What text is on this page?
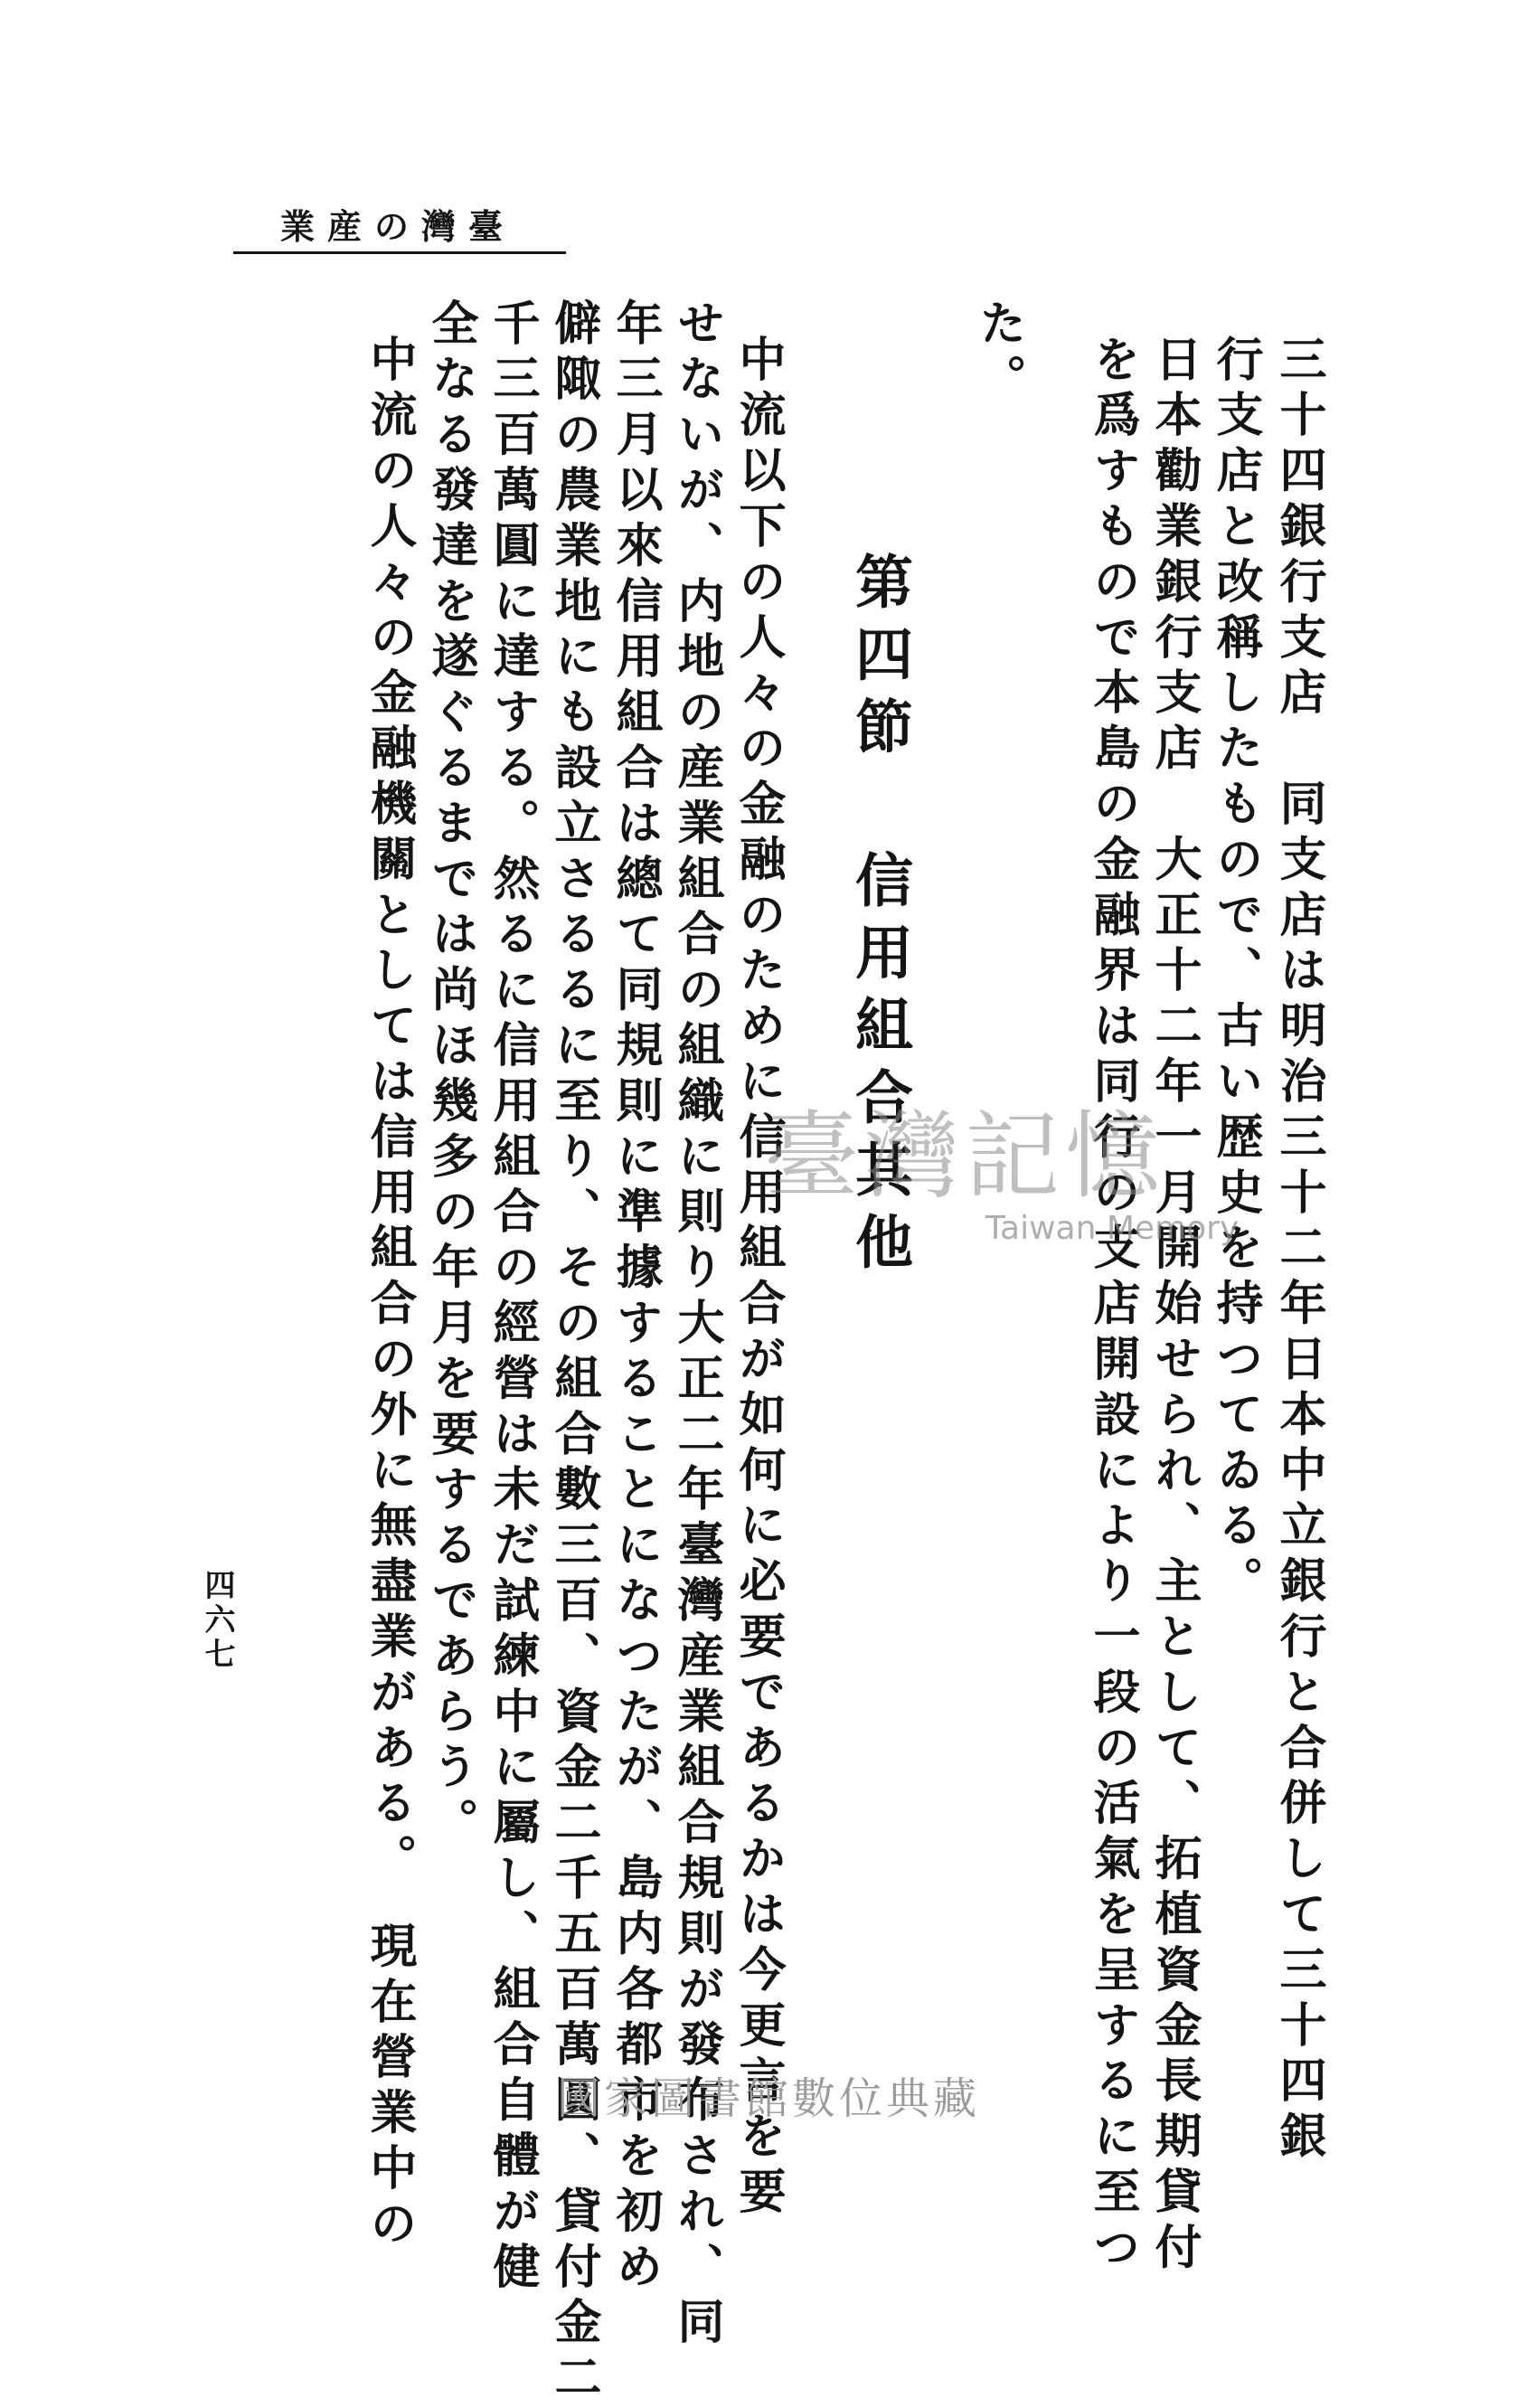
臺灣の産業
三十四銀行支店　同支店は明治三十二年日本中立銀行と合併して三十四銀
行支店と改稱したもので、古い歴史を持つてゐる。
日本勸業銀行支店　大正十二年一月開始せられ、主として、拓植資金長期貸付
を爲すもので本島の金融界は同行の支店開設により一段の活氣を呈するに至つ
た。
第四節信用組合其他
中流以下の人々の金融のために信用組合が如何に必要であるかは今更言を要
せないが、内地の産業組合の組織に則り大正二年臺灣産業組合規則が發布され、同
年三月以來信用組合は總て同規則に準據することになつたが、島内各都市を初め
僻陬の農業地にも設立さるるに至り、その組合數三百、資金二千五百萬圓、貸付金二
千三百萬圓に達する。然るに信用組合の經營は未だ試練中に屬し、組合自體が健
全なる發達を遂ぐるまでは尚ほ幾多の年月を要するであらう。
中流の人々の金融機關としては信用組合の外に無盡業がある。　現在營業中の
四六七
臺灣記憶
Taiwan Memory
國家圖書館數位典藏
